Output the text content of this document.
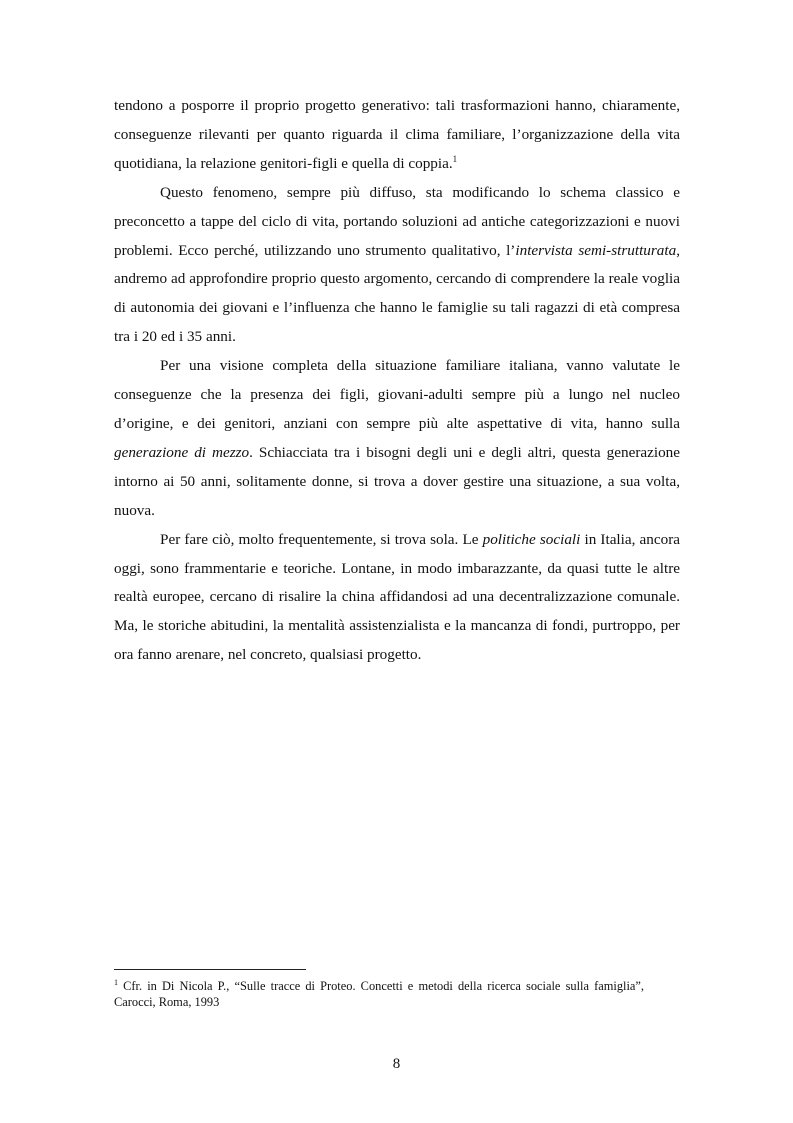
tendono a posporre il proprio progetto generativo: tali trasformazioni hanno, chiaramente, conseguenze rilevanti per quanto riguarda il clima familiare, l’organizzazione della vita quotidiana, la relazione genitori-figli e quella di coppia.$^1$

Questo fenomeno, sempre più diffuso, sta modificando lo schema classico e preconcetto a tappe del ciclo di vita, portando soluzioni ad antiche categorizzazioni e nuovi problemi. Ecco perché, utilizzando uno strumento qualitativo, l’intervista semi-strutturata, andremo ad approfondire proprio questo argomento, cercando di comprendere la reale voglia di autonomia dei giovani e l’influenza che hanno le famiglie su tali ragazzi di età compresa tra i 20 ed i 35 anni.

Per una visione completa della situazione familiare italiana, vanno valutate le conseguenze che la presenza dei figli, giovani-adulti sempre più a lungo nel nucleo d’origine, e dei genitori, anziani con sempre più alte aspettative di vita, hanno sulla generazione di mezzo. Schiacciata tra i bisogni degli uni e degli altri, questa generazione intorno ai 50 anni, solitamente donne, si trova a dover gestire una situazione, a sua volta, nuova.

Per fare ciò, molto frequentemente, si trova sola. Le politiche sociali in Italia, ancora oggi, sono frammentarie e teoriche. Lontane, in modo imbarazzante, da quasi tutte le altre realtà europee, cercano di risalire la china affidandosi ad una decentralizzazione comunale. Ma, le storiche abitudini, la mentalità assistenzialista e la mancanza di fondi, purtroppo, per ora fanno arenare, nel concreto, qualsiasi progetto.

$^1$ Cfr. in Di Nicola P., “Sulle tracce di Proteo. Concetti e metodi della ricerca sociale sulla famiglia”, Carocci, Roma, 1993
8
